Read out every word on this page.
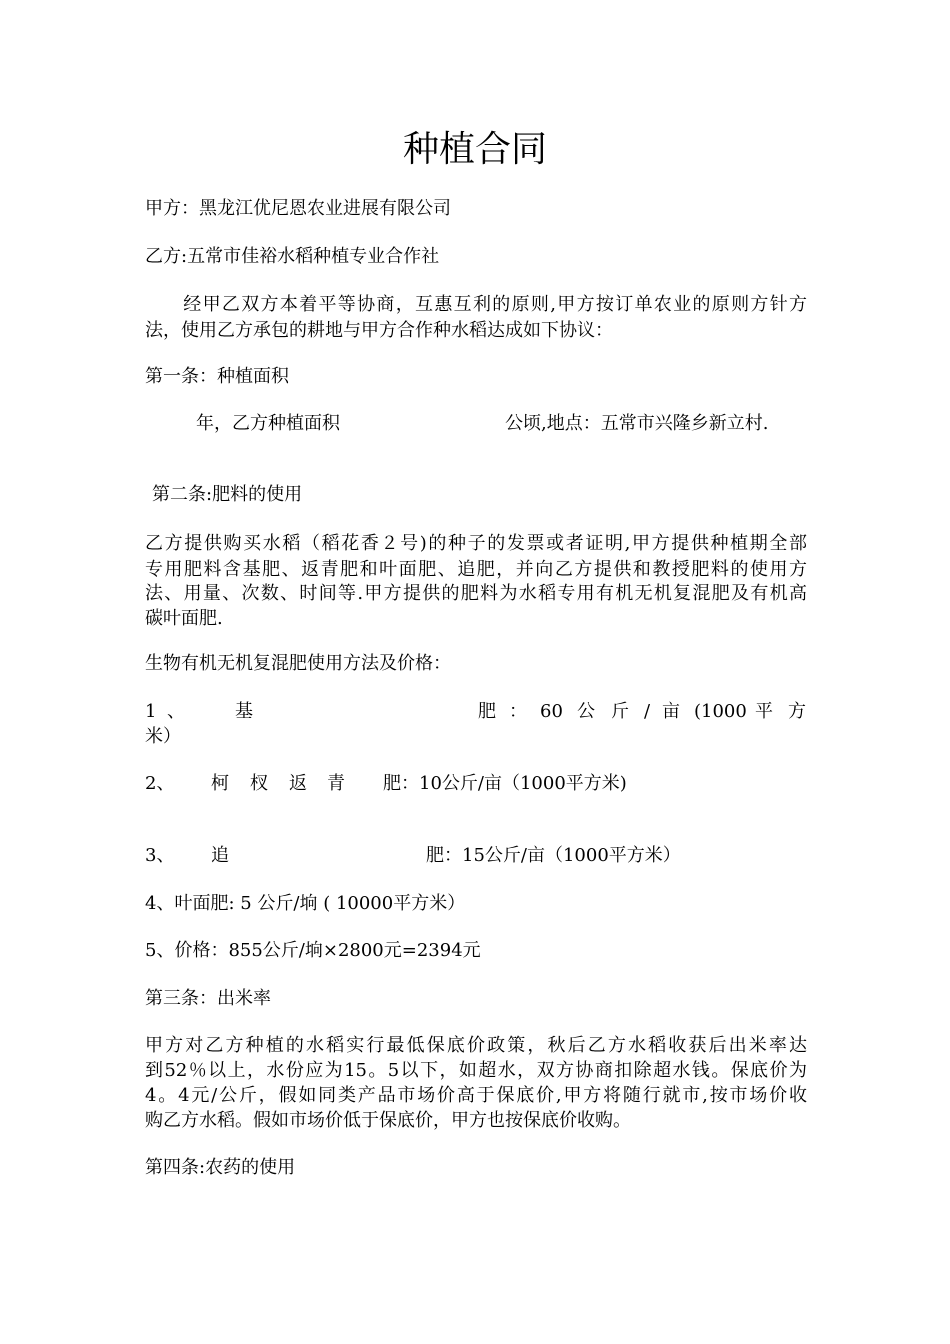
种植合同
甲方：黑龙江优尼恩农业进展有限公司
乙方:五常市佳裕水稻种植专业合作社
经甲乙双方本着平等协商，互惠互利的原则,甲方按订单农业的原则方针方
法，使用乙方承包的耕地与甲方合作种水稻达成如下协议：
第一条：种植面积
年，乙方种植面积	公顷,地点：五常市兴隆乡新立村.
第二条:肥料的使用
乙方提供购买水稻（稻花香２号)的种子的发票或者证明,甲方提供种植期全部
专用肥料含基肥、返青肥和叶面肥、追肥，并向乙方提供和教授肥料的使用方
法、用量、次数、时间等.甲方提供的肥料为水稻专用有机无机复混肥及有机高
碳叶面肥.
生物有机无机复混肥使用方法及价格：
1 、	基	肥 ： 60 公 斤 / 亩 (1000 平 方
米）
2、 柯 杈 返 青 肥：10公斤/亩（1000平方米)
3、 追	肥：15公斤/亩（1000平方米）
4、叶面肥: 5 公斤/垧 ( 10000平方米）
5、价格：855公斤/垧×2800元=2394元
第三条：出米率
甲方对乙方种植的水稻实行最低保底价政策，秋后乙方水稻收获后出米率达
到52％以上，水份应为15。5以下，如超水，双方协商扣除超水钱。保底价为
4。4元/公斤，假如同类产品市场价高于保底价,甲方将随行就市,按市场价收
购乙方水稻。假如市场价低于保底价，甲方也按保底价收购。
第四条:农药的使用
